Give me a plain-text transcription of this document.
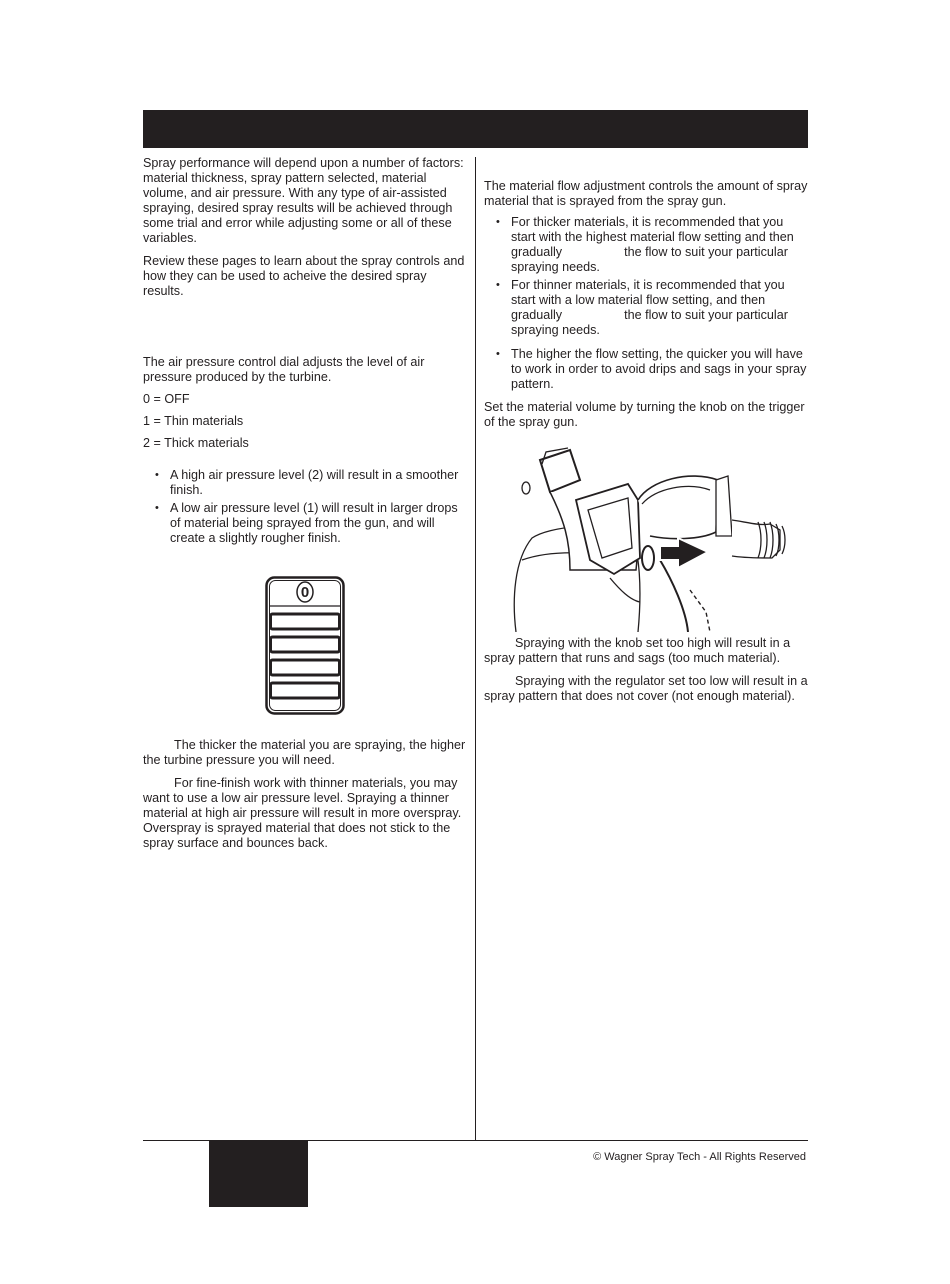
Spray performance will depend upon a number of factors: material thickness, spray pattern selected, material volume, and air pressure. With any type of air-assisted spraying, desired spray results will be achieved through some trial and error while adjusting some or all of these variables.

Review these pages to learn about the spray controls and how they can be used to acheive the desired spray results.

The air pressure control dial adjusts the level of air pressure produced by the turbine.

0 = OFF

1 = Thin materials

2 = Thick materials

• A high air pressure level (2) will result in a smoother finish.
• A low air pressure level (1) will result in larger drops of material being sprayed from the gun, and will create a slightly rougher finish.
0

The thicker the material you are spraying, the higher the turbine pressure you will need.

For fine-finish work with thinner materials, you may want to use a low air pressure level. Spraying a thinner material at high air pressure will result in more overspray. Overspray is sprayed material that does not stick to the spray surface and bounces back.

The material flow adjustment controls the amount of spray material that is sprayed from the spray gun.

• For thicker materials, it is recommended that you start with the highest material flow setting and then gradually	the flow to suit your particular spraying needs.
• For thinner materials, it is recommended that you start with a low material flow setting, and then gradually	the flow to suit your particular spraying needs.
• The higher the flow setting, the quicker you will have to work in order to avoid drips and sags in your spray pattern.

Set the material volume by turning the knob on the trigger of the spray gun.

Spraying with the knob set too high will result in a spray pattern that runs and sags (too much material).

Spraying with the regulator set too low will result in a spray pattern that does not cover (not enough material).

© Wagner Spray Tech - All Rights Reserved
